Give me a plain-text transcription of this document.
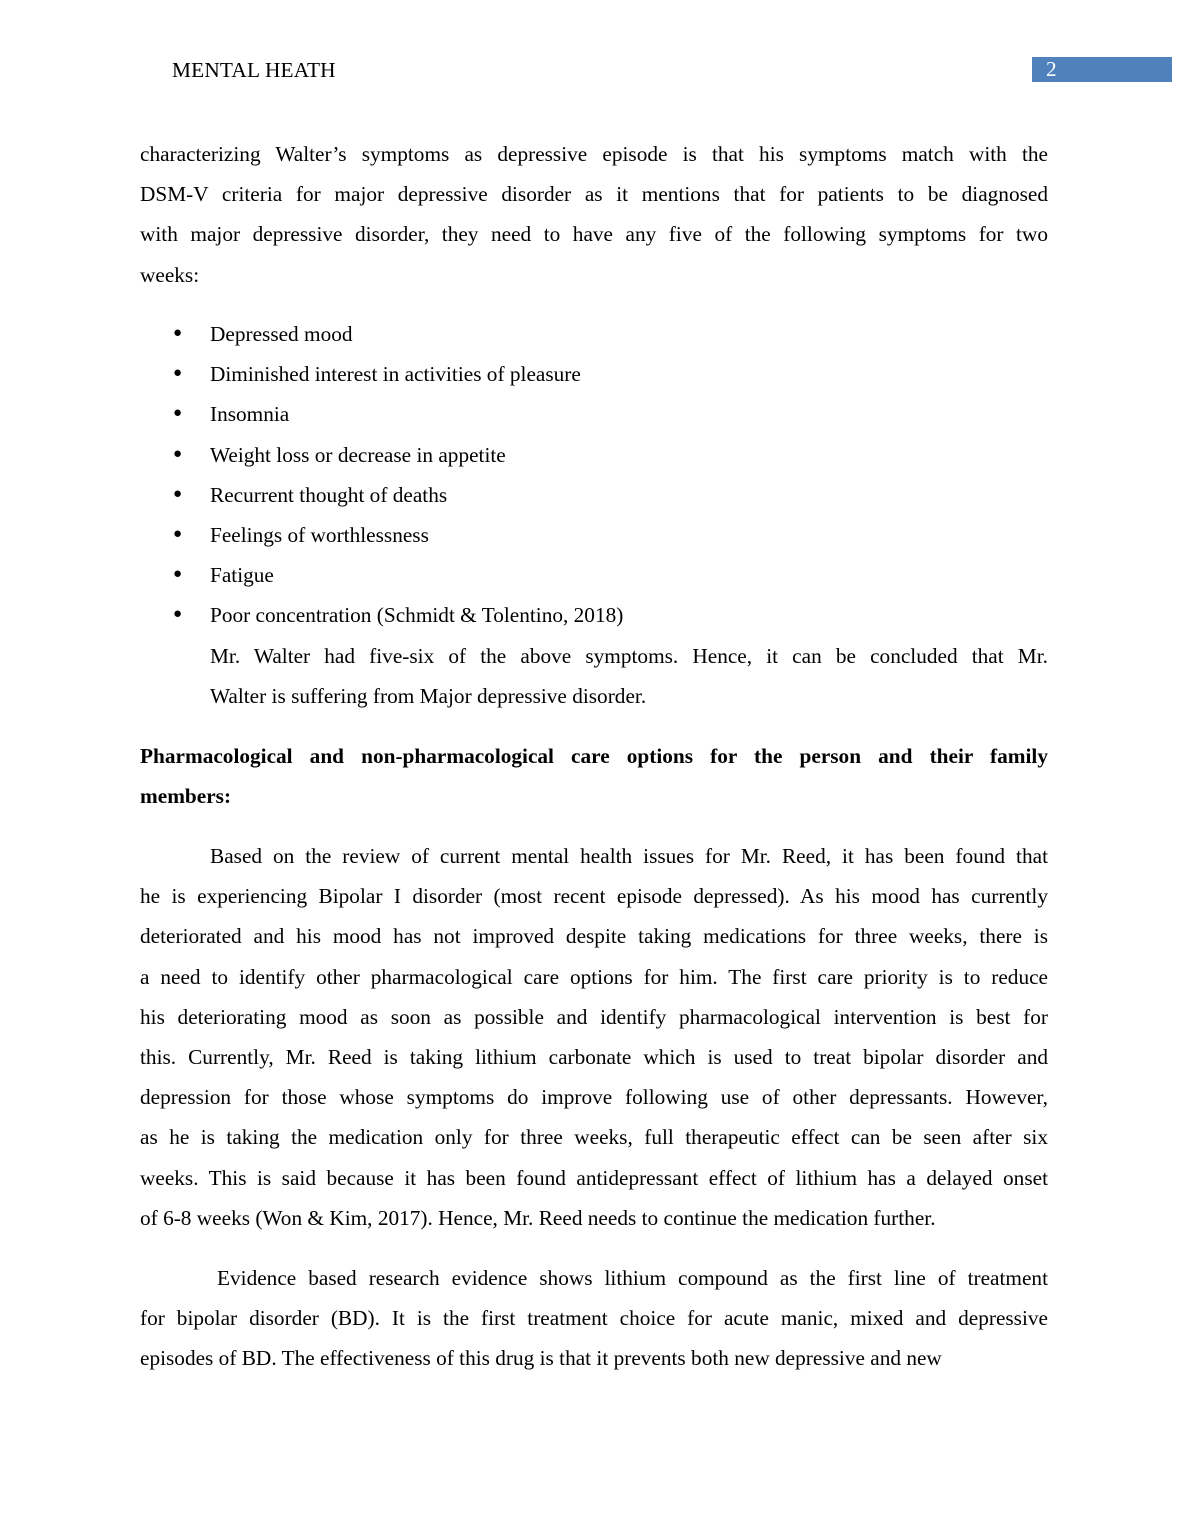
MENTAL HEATH	2
characterizing Walter’s symptoms as depressive episode is that his symptoms match with the
DSM-V criteria for major depressive disorder as it mentions that for patients to be diagnosed
with major depressive disorder, they need to have any five of the following symptoms for two
weeks:
Depressed mood
●
Diminished interest in activities of pleasure
●
Insomnia
●
Weight loss or decrease in appetite
●
Recurrent thought of deaths
●
Feelings of worthlessness
●
Fatigue
●
Poor concentration (Schmidt & Tolentino, 2018)
●
Mr. Walter had five-six of the above symptoms. Hence, it can be concluded that Mr.
Walter is suffering from Major depressive disorder.
Pharmacological and non-pharmacological care options for the person and their family
members:
Based on the review of current mental health issues for Mr. Reed, it has been found that
he is experiencing Bipolar I disorder (most recent episode depressed). As his mood has currently
deteriorated and his mood has not improved despite taking medications for three weeks, there is
a need to identify other pharmacological care options for him. The first care priority is to reduce
his deteriorating mood as soon as possible and identify pharmacological intervention is best for
this. Currently, Mr. Reed is taking lithium carbonate which is used to treat bipolar disorder and
depression for those whose symptoms do improve following use of other depressants. However,
as he is taking the medication only for three weeks, full therapeutic effect can be seen after six
weeks. This is said because it has been found antidepressant effect of lithium has a delayed onset
of 6-8 weeks (Won & Kim, 2017). Hence, Mr. Reed needs to continue the medication further.
Evidence based research evidence shows lithium compound as the first line of treatment
for bipolar disorder (BD). It is the first treatment choice for acute manic, mixed and depressive
episodes of BD. The effectiveness of this drug is that it prevents both new depressive and new
